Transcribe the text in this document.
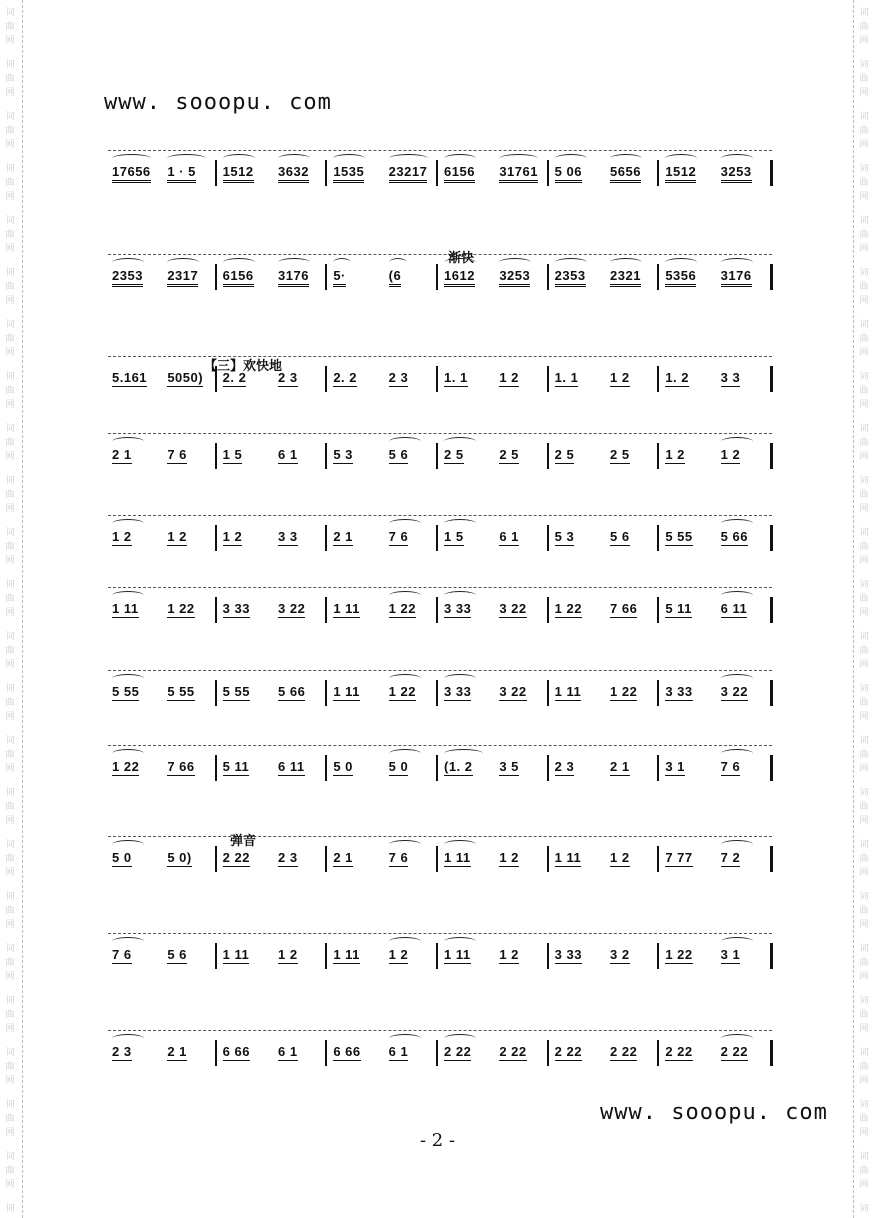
词
曲
网
词
曲
网
词
曲
网
词
曲
网
词
曲
网
词
曲
网
词
曲
网
词
曲
网
词
曲
网
词
曲
网
词
曲
网
词
曲
网
词
曲
网
词
曲
网
词
曲
网
词
曲
网
词
曲
网
词
曲
网
词
曲
网
词
曲
网
词
曲
网
词
曲
网
词
曲
网
词
词
曲
网
词
曲
网
词
曲
网
词
曲
网
词
曲
网
词
曲
网
词
曲
网
词
曲
网
词
曲
网
词
曲
网
词
曲
网
词
曲
网
词
曲
网
词
曲
网
词
曲
网
词
曲
网
词
曲
网
词
曲
网
词
曲
网
词
曲
网
词
曲
网
词
曲
网
词
曲
网
词
www. sooopu. com
17656 1 · 5 1512 3632 1535 23217 6156 31761 5 06 5656 1512 3253
2353 2317 6156 3176 5·	(6	1612 3253 2353 2321 5356 3176
5.161 5050) 2. 2 2 3	2. 2 2 3	1. 1 1 2	1. 1 1 2	1. 2 3 3
2 1	7 6	1 5	6 1	5 3	5 6	2 5	2 5	2 5	2 5	1 2	1 2
1 2	1 2	1 2	3 3	2 1	7 6	1 5	6 1	5 3	5 6	5 55 5 66
1 11 1 22 3 33 3 22 1 11 1 22 3 33 3 22 1 22 7 66 5 11 6 11
5 55 5 55 5 55 5 66 1 11 1 22 3 33 3 22 1 11 1 22 3 33 3 22
1 22 7 66 5 11 6 11 5 0	5 0	(1. 2 3 5	2 3	2 1	3 1	7 6
5 0	5 0) 2 22 2 3	2 1	7 6	1 11 1 2	1 11 1 2	7 77 7 2
7 6	5 6	1 11 1 2	1 11 1 2	1 11 1 2	3 33 3 2	1 22 3 1
2 3	2 1	6 66 6 1	6 66 6 1	2 22 2 22 2 22 2 22 2 22 2 22
渐快
【三】欢快地
弹音
www. sooopu. com
- 2 -
